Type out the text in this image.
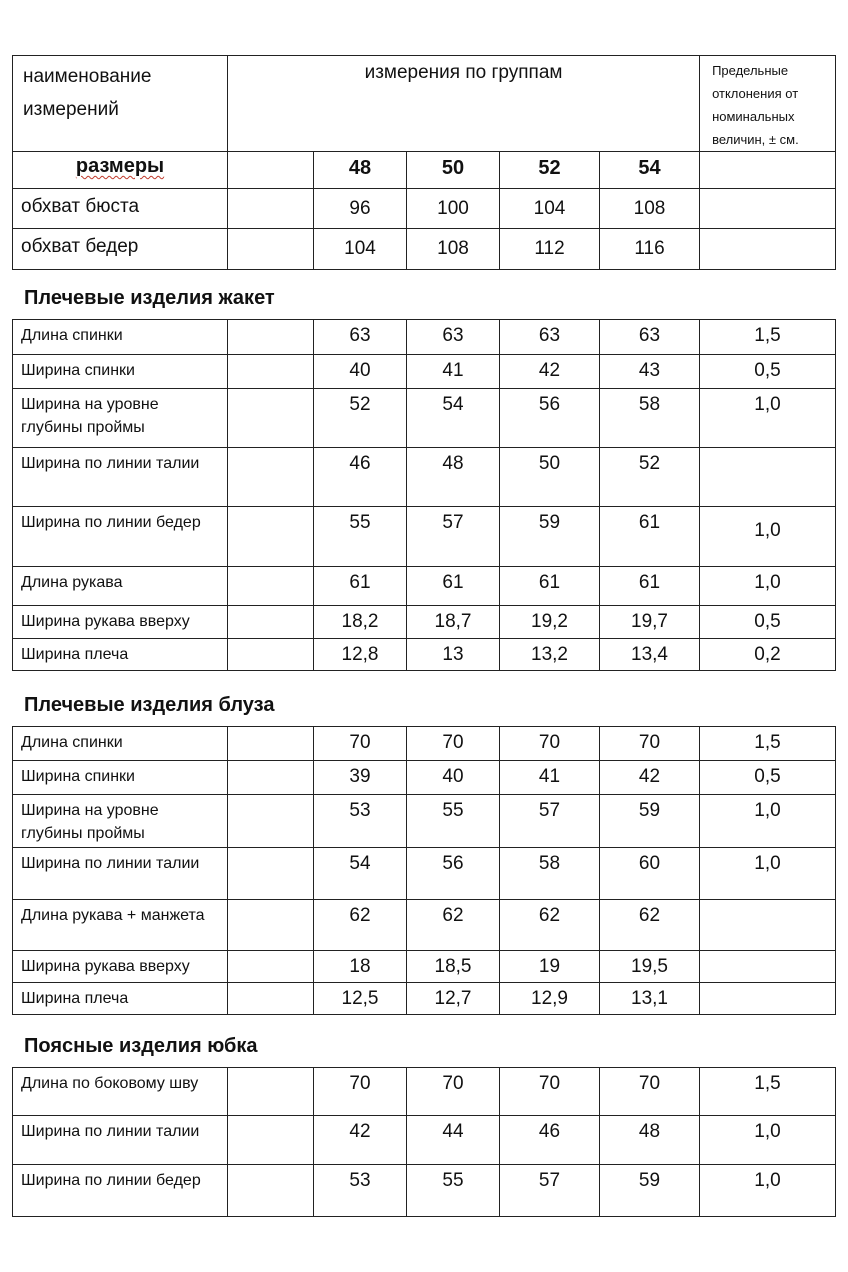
наименование измерений	измерения по группам					Предельные отклонения от номинальных величин, ± см.
размеры		48	50	52	54	
обхват бюста		96	100	104	108	
обхват бедер		104	108	112	116	
Плечевые изделия жакет
Длина спинки		63	63	63	63	1,5
Ширина спинки		40	41	42	43	0,5
Ширина на уровне глубины проймы		52	54	56	58	1,0
Ширина по линии талии		46	48	50	52	
Ширина по линии бедер		55	57	59	61	1,0
Длина рукава		61	61	61	61	1,0
Ширина рукава вверху		18,2	18,7	19,2	19,7	0,5
Ширина плеча		12,8	13	13,2	13,4	0,2
Плечевые изделия блуза
Длина спинки		70	70	70	70	1,5
Ширина спинки		39	40	41	42	0,5
Ширина на уровне глубины проймы		53	55	57	59	1,0
Ширина по линии талии		54	56	58	60	1,0
Длина рукава + манжета		62	62	62	62	
Ширина рукава вверху		18	18,5	19	19,5	
Ширина плеча		12,5	12,7	12,9	13,1	
Поясные изделия юбка
Длина по боковому шву		70	70	70	70	1,5
Ширина по линии талии		42	44	46	48	1,0
Ширина по линии бедер		53	55	57	59	1,0
